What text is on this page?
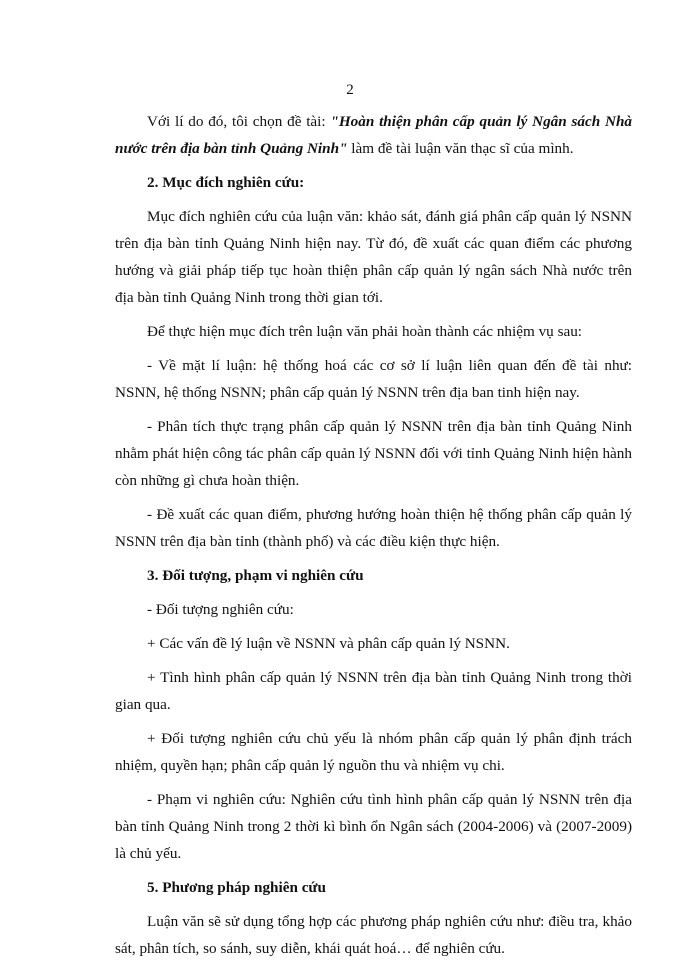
2

Với lí do đó, tôi chọn đề tài: "Hoàn thiện phân cấp quản lý Ngân sách Nhà nước trên địa bàn tỉnh Quảng Ninh" làm đề tài luận văn thạc sĩ của mình.

2. Mục đích nghiên cứu:

Mục đích nghiên cứu của luận văn: khảo sát, đánh giá phân cấp quản lý NSNN trên địa bàn tỉnh Quảng Ninh hiện nay. Từ đó, đề xuất các quan điểm các phương hướng và giải pháp tiếp tục hoàn thiện phân cấp quản lý ngân sách Nhà nước trên địa bàn tỉnh Quảng Ninh trong thời gian tới.

Để thực hiện mục đích trên luận văn phải hoàn thành các nhiệm vụ sau:

- Về mặt lí luận: hệ thống hoá các cơ sở lí luận liên quan đến đề tài như: NSNN, hệ thống NSNN; phân cấp quản lý NSNN trên địa ban tinh hiện nay.

- Phân tích thực trạng phân cấp quản lý NSNN trên địa bàn tỉnh Quảng Ninh nhằm phát hiện công tác phân cấp quản lý NSNN đối với tỉnh Quảng Ninh hiện hành còn những gì chưa hoàn thiện.

- Đề xuất các quan điểm, phương hướng hoàn thiện hệ thống phân cấp quản lý NSNN trên địa bàn tỉnh (thành phố) và các điều kiện thực hiện.

3. Đối tượng, phạm vi nghiên cứu

- Đối tượng nghiên cứu:

+ Các vấn đề lý luận về NSNN và phân cấp quản lý NSNN.

+ Tình hình phân cấp quản lý NSNN trên địa bàn tỉnh Quảng Ninh trong thời gian qua.

+ Đối tượng nghiên cứu chủ yếu là nhóm phân cấp quản lý phân định trách nhiệm, quyền hạn; phân cấp quản lý nguồn thu và nhiệm vụ chi.

- Phạm vi nghiên cứu: Nghiên cứu tình hình phân cấp quản lý NSNN trên địa bàn tỉnh Quảng Ninh trong 2 thời kì bình ổn Ngân sách (2004-2006) và (2007-2009) là chủ yếu.

5. Phương pháp nghiên cứu

Luận văn sẽ sử dụng tổng hợp các phương pháp nghiên cứu như: điều tra, khảo sát, phân tích, so sánh, suy diễn, khái quát hoá… để nghiên cứu.
